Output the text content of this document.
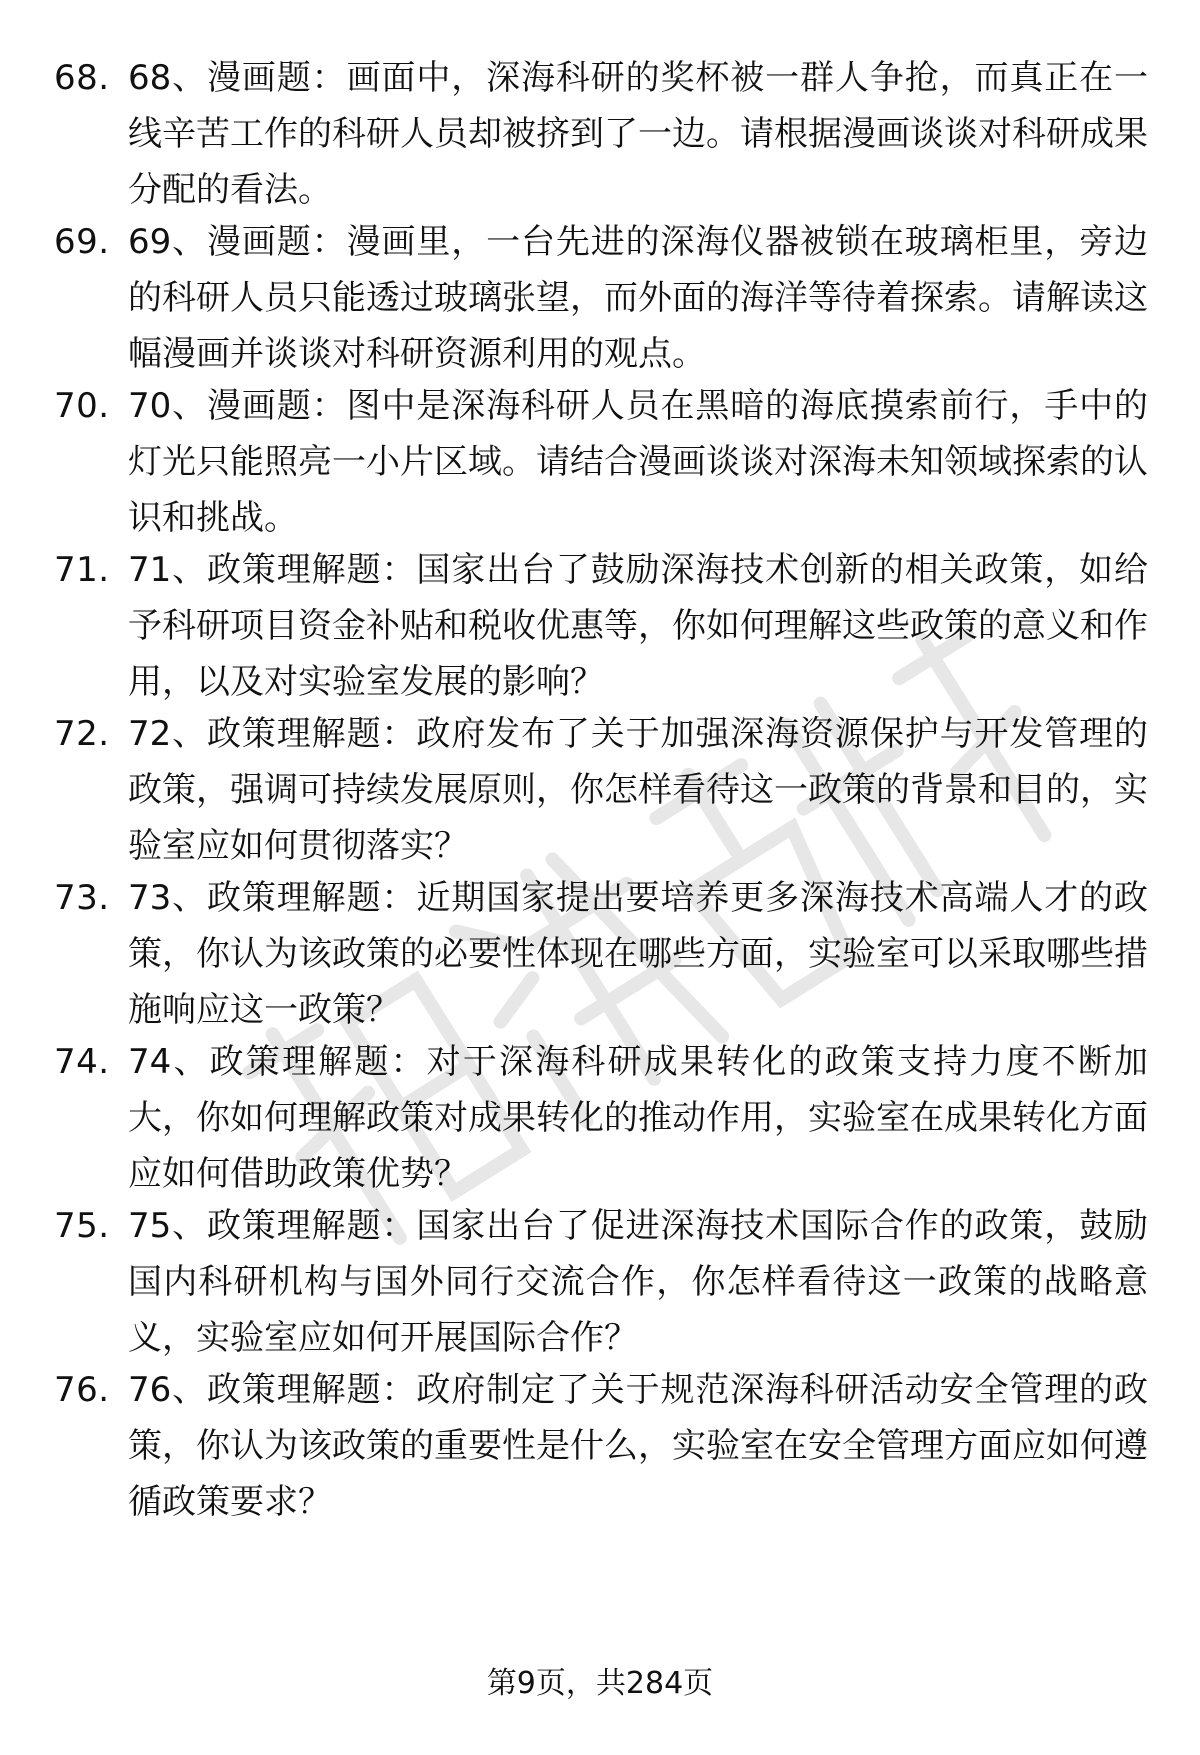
68. 68、漫画题：画面中，深海科研的奖杯被一群人争抢，而真正在一线辛苦工作的科研人员却被挤到了一边。请根据漫画谈谈对科研成果分配的看法。
69. 69、漫画题：漫画里，一台先进的深海仪器被锁在玻璃柜里，旁边的科研人员只能透过玻璃张望，而外面的海洋等待着探索。请解读这幅漫画并谈谈对科研资源利用的观点。
70. 70、漫画题：图中是深海科研人员在黑暗的海底摸索前行，手中的灯光只能照亮一小片区域。请结合漫画谈谈对深海未知领域探索的认识和挑战。
71. 71、政策理解题：国家出台了鼓励深海技术创新的相关政策，如给予科研项目资金补贴和税收优惠等，你如何理解这些政策的意义和作用，以及对实验室发展的影响？
72. 72、政策理解题：政府发布了关于加强深海资源保护与开发管理的政策，强调可持续发展原则，你怎样看待这一政策的背景和目的，实验室应如何贯彻落实？
73. 73、政策理解题：近期国家提出要培养更多深海技术高端人才的政策，你认为该政策的必要性体现在哪些方面，实验室可以采取哪些措施响应这一政策？
74. 74、政策理解题：对于深海科研成果转化的政策支持力度不断加大，你如何理解政策对成果转化的推动作用，实验室在成果转化方面应如何借助政策优势？
75. 75、政策理解题：国家出台了促进深海技术国际合作的政策，鼓励国内科研机构与国外同行交流合作，你怎样看待这一政策的战略意义，实验室应如何开展国际合作？
76. 76、政策理解题：政府制定了关于规范深海科研活动安全管理的政策，你认为该政策的重要性是什么，实验室在安全管理方面应如何遵循政策要求？
第9页，共284页
